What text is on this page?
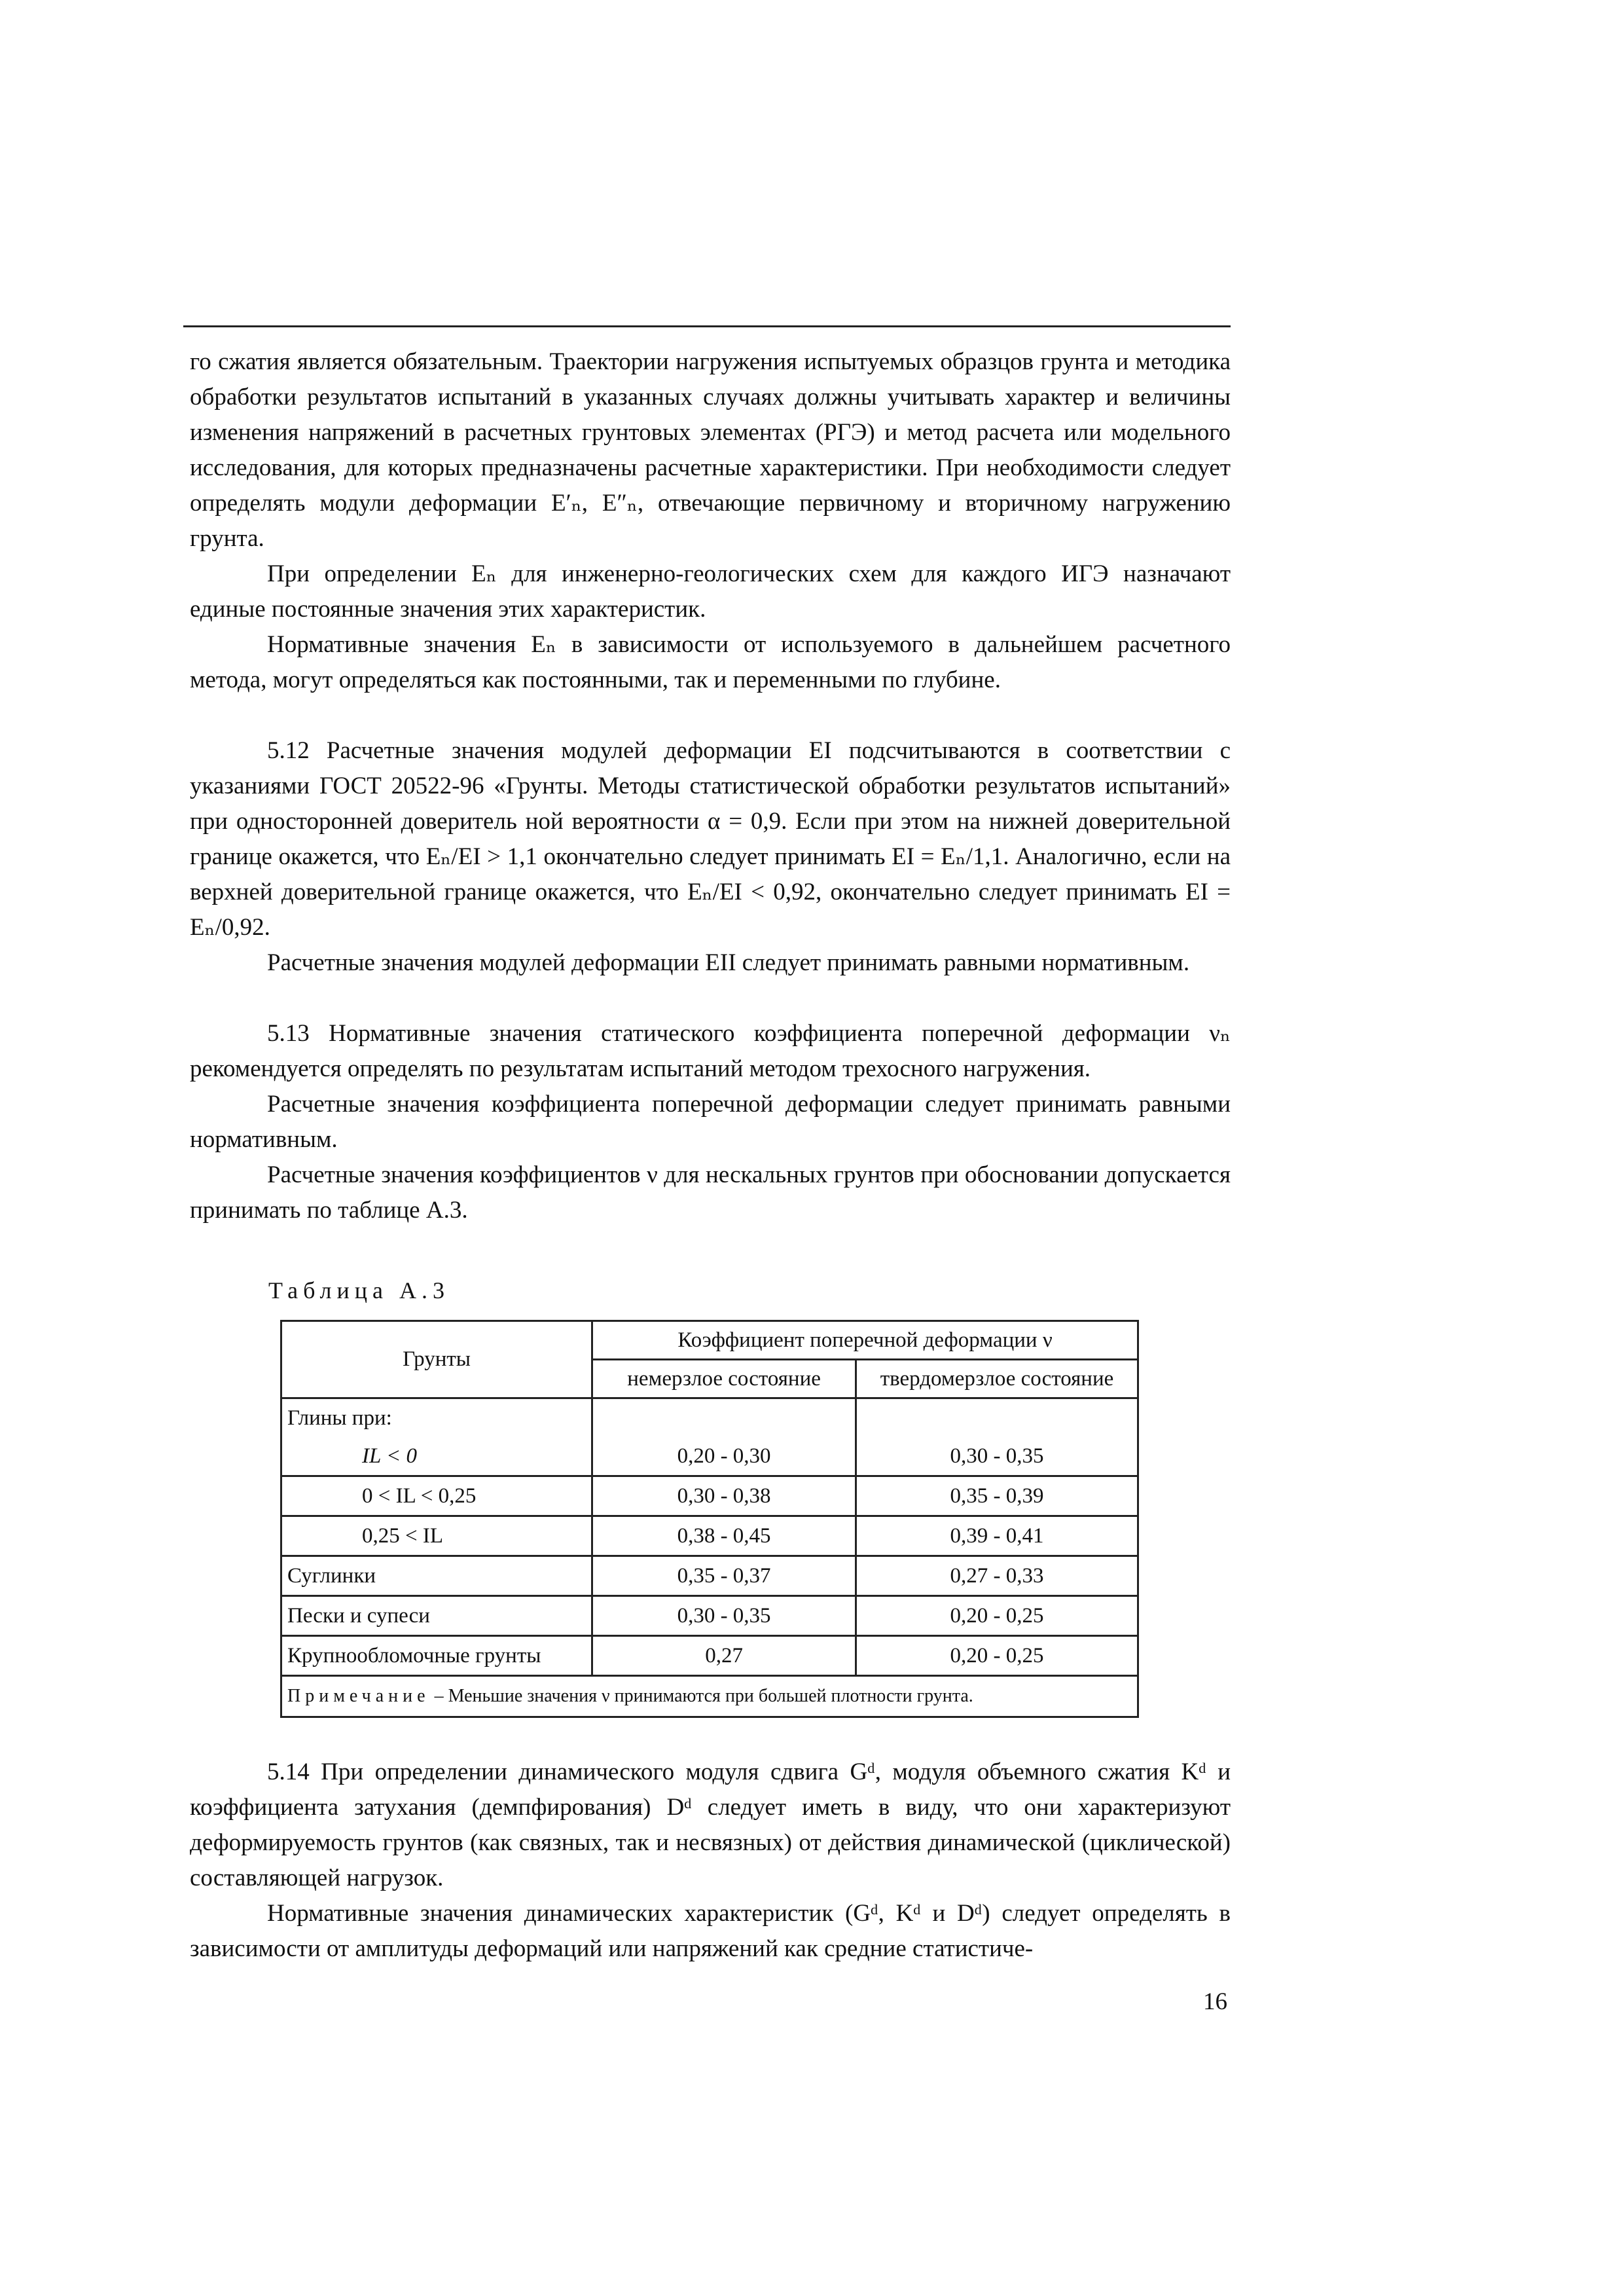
го сжатия является обязательным. Траектории нагружения испытуемых образцов грунта и методика обработки результатов испытаний в указанных случаях должны учитывать характер и величины изменения напряжений в расчетных грунтовых элементах (РГЭ) и метод расчета или модельного исследования, для которых предназначены расчетные характеристики. При необходимости следует определять модули деформации E′ₙ, E″ₙ, отвечающие первичному и вторичному нагружению грунта.

При определении Eₙ для инженерно-геологических схем для каждого ИГЭ назначают единые постоянные значения этих характеристик.

Нормативные значения Eₙ в зависимости от используемого в дальнейшем расчетного метода, могут определяться как постоянными, так и переменными по глубине.

5.12 Расчетные значения модулей деформации EI подсчитываются в соответствии с указаниями ГОСТ 20522-96 «Грунты. Методы статистической обработки результатов испытаний» при односторонней доверитель ной вероятности α = 0,9. Если при этом на нижней доверительной границе окажется, что Eₙ/EI > 1,1 окончательно следует принимать EI = Eₙ/1,1. Аналогично, если на верхней доверительной границе окажется, что Eₙ/EI < 0,92, окончательно следует принимать EI = Eₙ/0,92.

Расчетные значения модулей деформации EII следует принимать равными нормативным.

5.13 Нормативные значения статического коэффициента поперечной деформации νₙ рекомендуется определять по результатам испытаний методом трехосного нагружения.

Расчетные значения коэффициента поперечной деформации следует принимать равными нормативным.

Расчетные значения коэффициентов ν для нескальных грунтов при обосновании допускается принимать по таблице А.3.

Таблица А.3
Грунты	Коэффициент поперечной деформации ν	
	немерзлое состояние	твердомерзлое состояние
Глины при:		
IL < 0	0,20 - 0,30	0,30 - 0,35
0 < IL < 0,25	0,30 - 0,38	0,35 - 0,39
0,25 < IL	0,38 - 0,45	0,39 - 0,41
Суглинки	0,35 - 0,37	0,27 - 0,33
Пески и супеси	0,30 - 0,35	0,20 - 0,25
Крупнообломочные грунты	0,27	0,20 - 0,25
Примечание – Меньшие значения ν принимаются при большей плотности грунта.		

5.14 При определении динамического модуля сдвига Gᵈ, модуля объемного сжатия Kᵈ и коэффициента затухания (демпфирования) Dᵈ следует иметь в виду, что они характеризуют деформируемость грунтов (как связных, так и несвязных) от действия динамической (циклической) составляющей нагрузок.

Нормативные значения динамических характеристик (Gᵈ, Kᵈ и Dᵈ) следует определять в зависимости от амплитуды деформаций или напряжений как средние статистиче-

16
